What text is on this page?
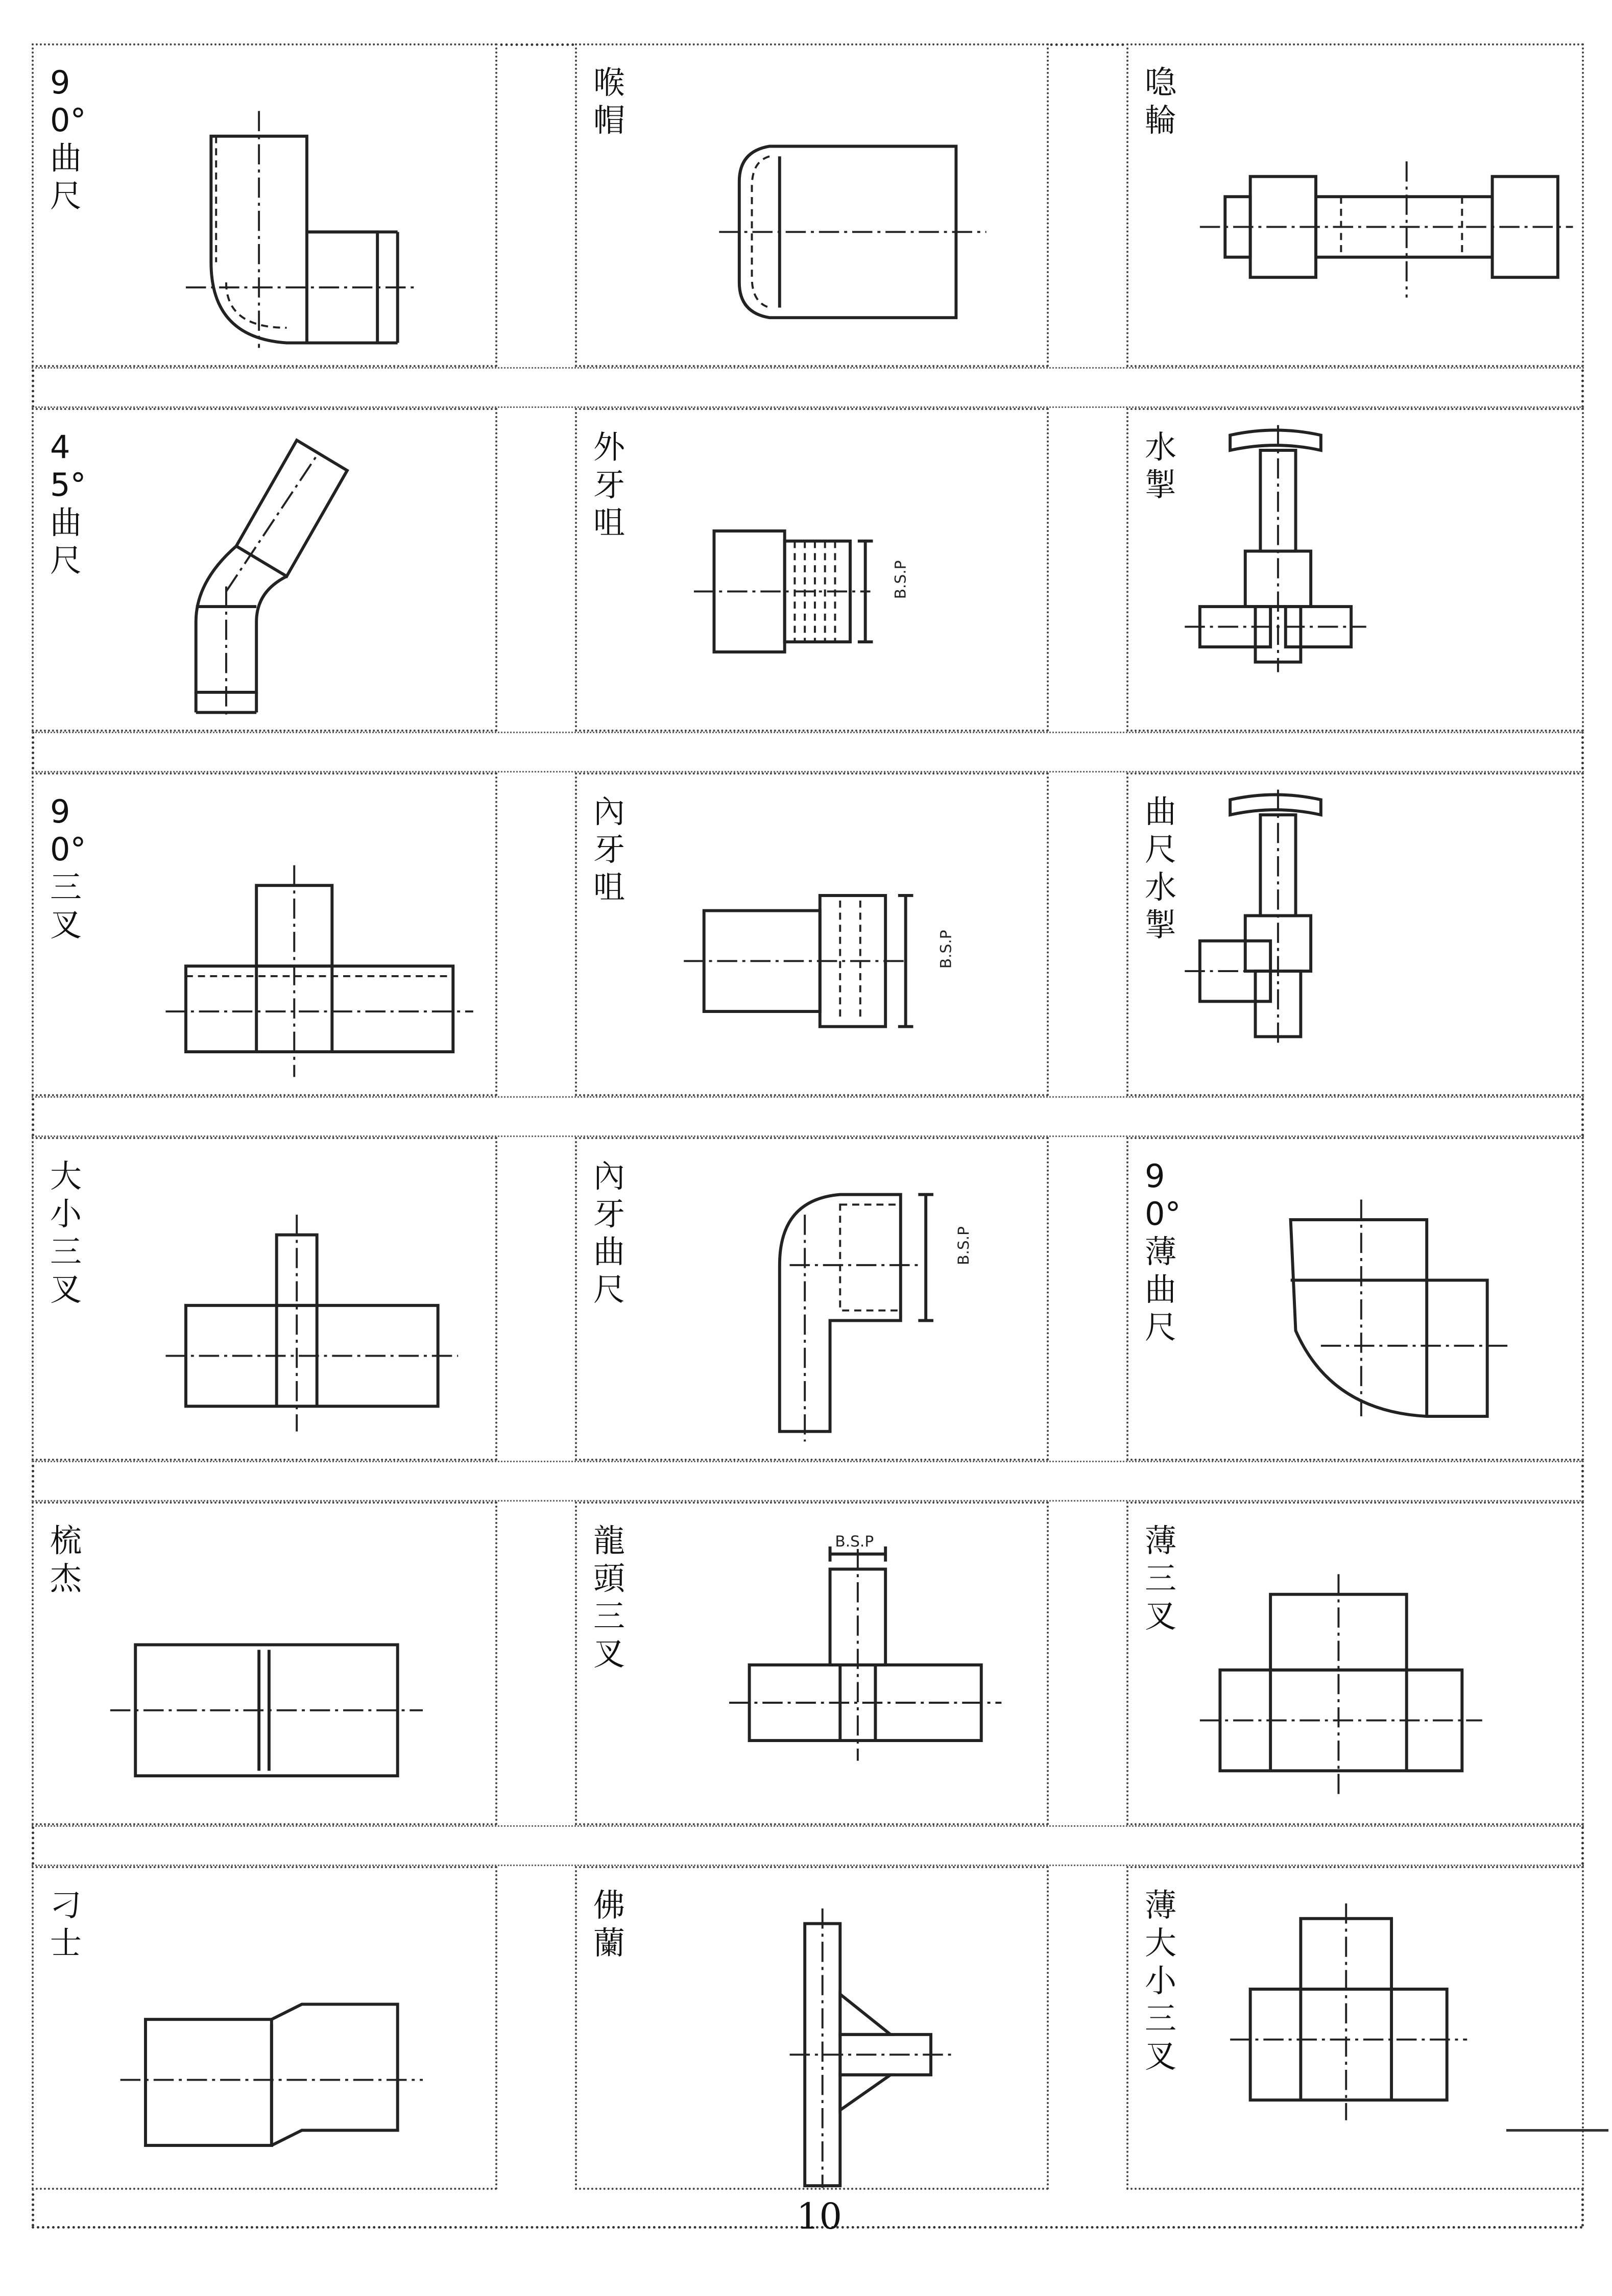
90°
曲
尺
喉
帽
喼
輪
45°
曲
尺
外
牙
咀
B.S.P
水
掣
90°
三
叉
內
牙
咀
B.S.P
曲
尺
水
掣
大
小
三
叉
內
牙
曲
尺
B.S.P
90°
薄
曲
尺
梳
杰
龍
頭
三
叉
B.S.P	薄
三
叉
刁
士
佛
蘭
薄
大
小
三
叉
10
